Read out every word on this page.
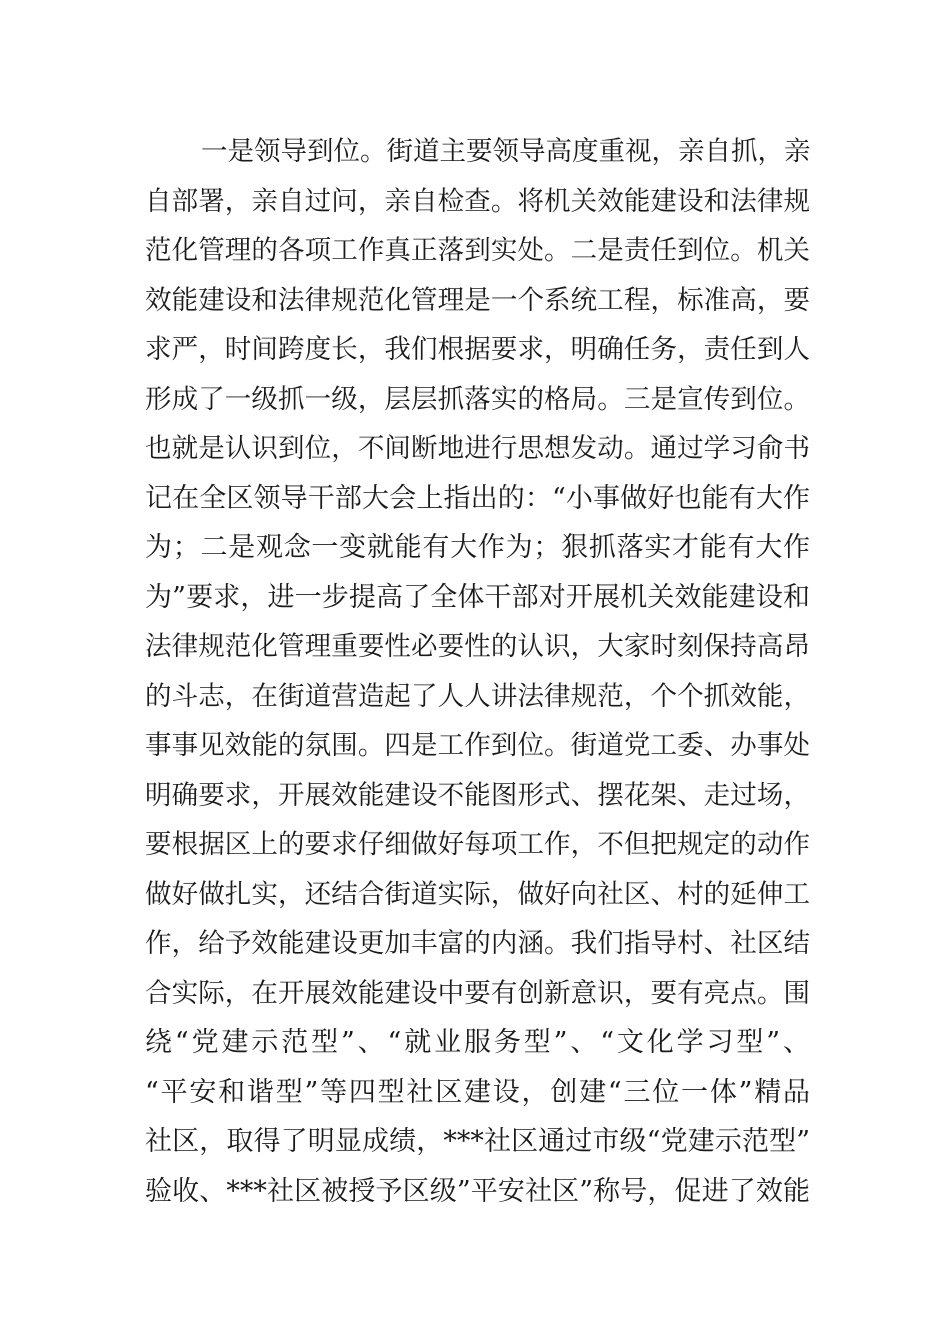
一是领导到位。街道主要领导高度重视，亲自抓，亲
自部署，亲自过问，亲自检查。将机关效能建设和法律规
范化管理的各项工作真正落到实处。二是责任到位。机关
效能建设和法律规范化管理是一个系统工程，标准高，要
求严，时间跨度长，我们根据要求，明确任务，责任到人
形成了一级抓一级，层层抓落实的格局。三是宣传到位。
也就是认识到位，不间断地进行思想发动。通过学习俞书
记在全区领导干部大会上指出的：“小事做好也能有大作
为；二是观念一变就能有大作为；狠抓落实才能有大作
为”要求，进一步提高了全体干部对开展机关效能建设和
法律规范化管理重要性必要性的认识，大家时刻保持高昂
的斗志，在街道营造起了人人讲法律规范，个个抓效能，
事事见效能的氛围。四是工作到位。街道党工委、办事处
明确要求，开展效能建设不能图形式、摆花架、走过场，
要根据区上的要求仔细做好每项工作，不但把规定的动作
做好做扎实，还结合街道实际，做好向社区、村的延伸工
作，给予效能建设更加丰富的内涵。我们指导村、社区结
合实际，在开展效能建设中要有创新意识，要有亮点。围
绕“党建示范型”、“就业服务型”、“文化学习型”、
“平安和谐型”等四型社区建设，创建“三位一体”精品
社区，取得了明显成绩，***社区通过市级“党建示范型”
验收、***社区被授予区级”平安社区”称号，促进了效能
